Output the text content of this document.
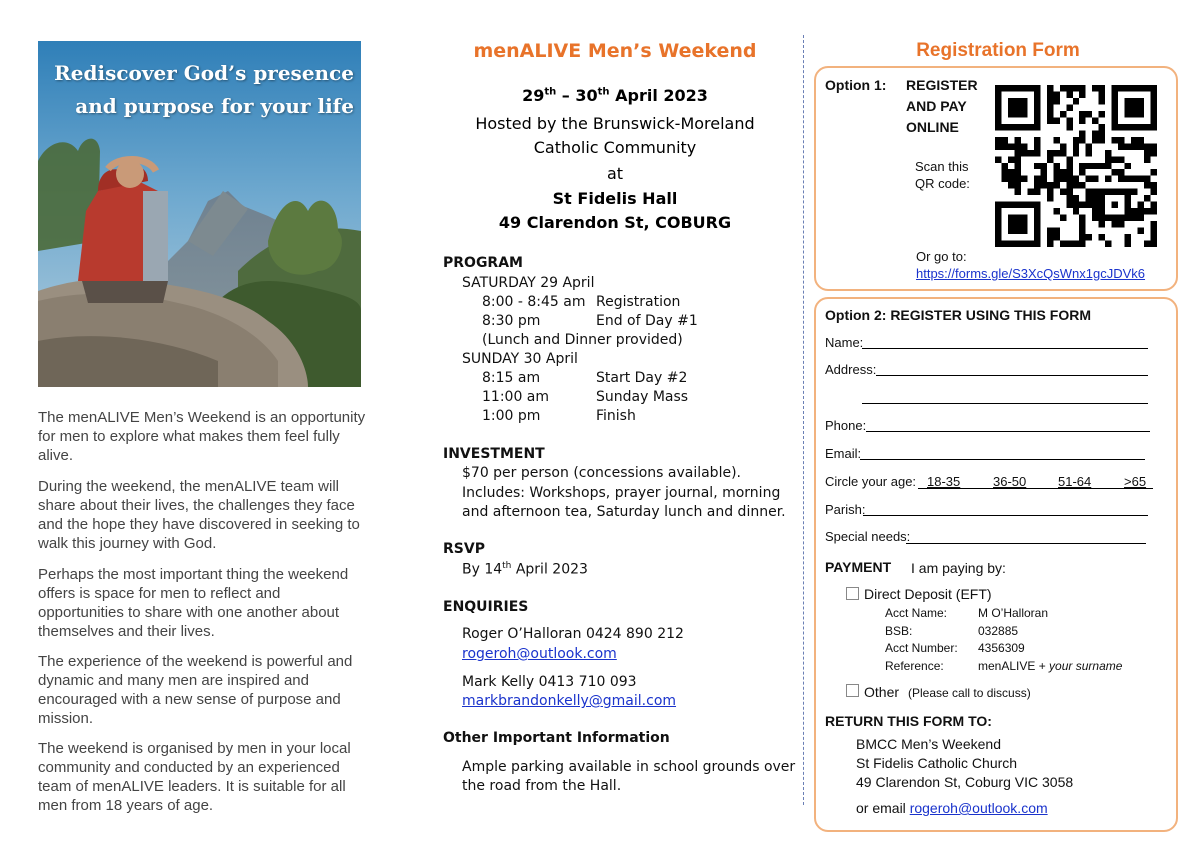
Rediscover God’s presence
and purpose for your life
The menALIVE Men’s Weekend is an opportunity for men to explore what makes them feel fully alive.
During the weekend, the menALIVE team will share about their lives, the challenges they face and the hope they have discovered in seeking to walk this journey with God.
Perhaps the most important thing the weekend offers is space for men to reflect and opportunities to share with one another about themselves and their lives.
The experience of the weekend is powerful and dynamic and many men are inspired and encouraged with a new sense of purpose and mission.
The weekend is organised by men in your local community and conducted by an experienced team of menALIVE leaders. It is suitable for all men from 18 years of age.
menALIVE Men’s Weekend
29th – 30th April 2023
Hosted by the Brunswick-Moreland
Catholic Community
at
St Fidelis Hall
49 Clarendon St, COBURG
PROGRAM
SATURDAY 29 April
8:00 - 8:45 am Registration
8:30 pm	End of Day #1
(Lunch and Dinner provided)
SUNDAY 30 April
8:15 am	Start Day #2
11:00 am	Sunday Mass
1:00 pm	Finish
INVESTMENT
$70 per person (concessions available).
Includes: Workshops, prayer journal, morning
and afternoon tea, Saturday lunch and dinner.
RSVP
By 14th April 2023
ENQUIRIES
Roger O’Halloran 0424 890 212
rogeroh@outlook.com
Mark Kelly 0413 710 093
markbrandonkelly@gmail.com
Other Important Information
Ample parking available in school grounds over
the road from the Hall.
Registration Form
Option 1: REGISTER
AND PAY
ONLINE
Scan this
QR code:
Or go to:
https://forms.gle/S3XcQsWnx1gcJDVk6
Option 2: REGISTER USING THIS FORM
Name:
Address:
Phone:
Email:
Circle your age: 18-35	36-50 51-64	>65
Parish:
Special needs:
PAYMENT I am paying by:
Direct Deposit (EFT)
Acct Name:	M O’Halloran
BSB:	032885
Acct Number: 4356309
Reference:	menALIVE + your surname
Other (Please call to discuss)
RETURN THIS FORM TO:
BMCC Men’s Weekend
St Fidelis Catholic Church
49 Clarendon St, Coburg VIC 3058
or email rogeroh@outlook.com
